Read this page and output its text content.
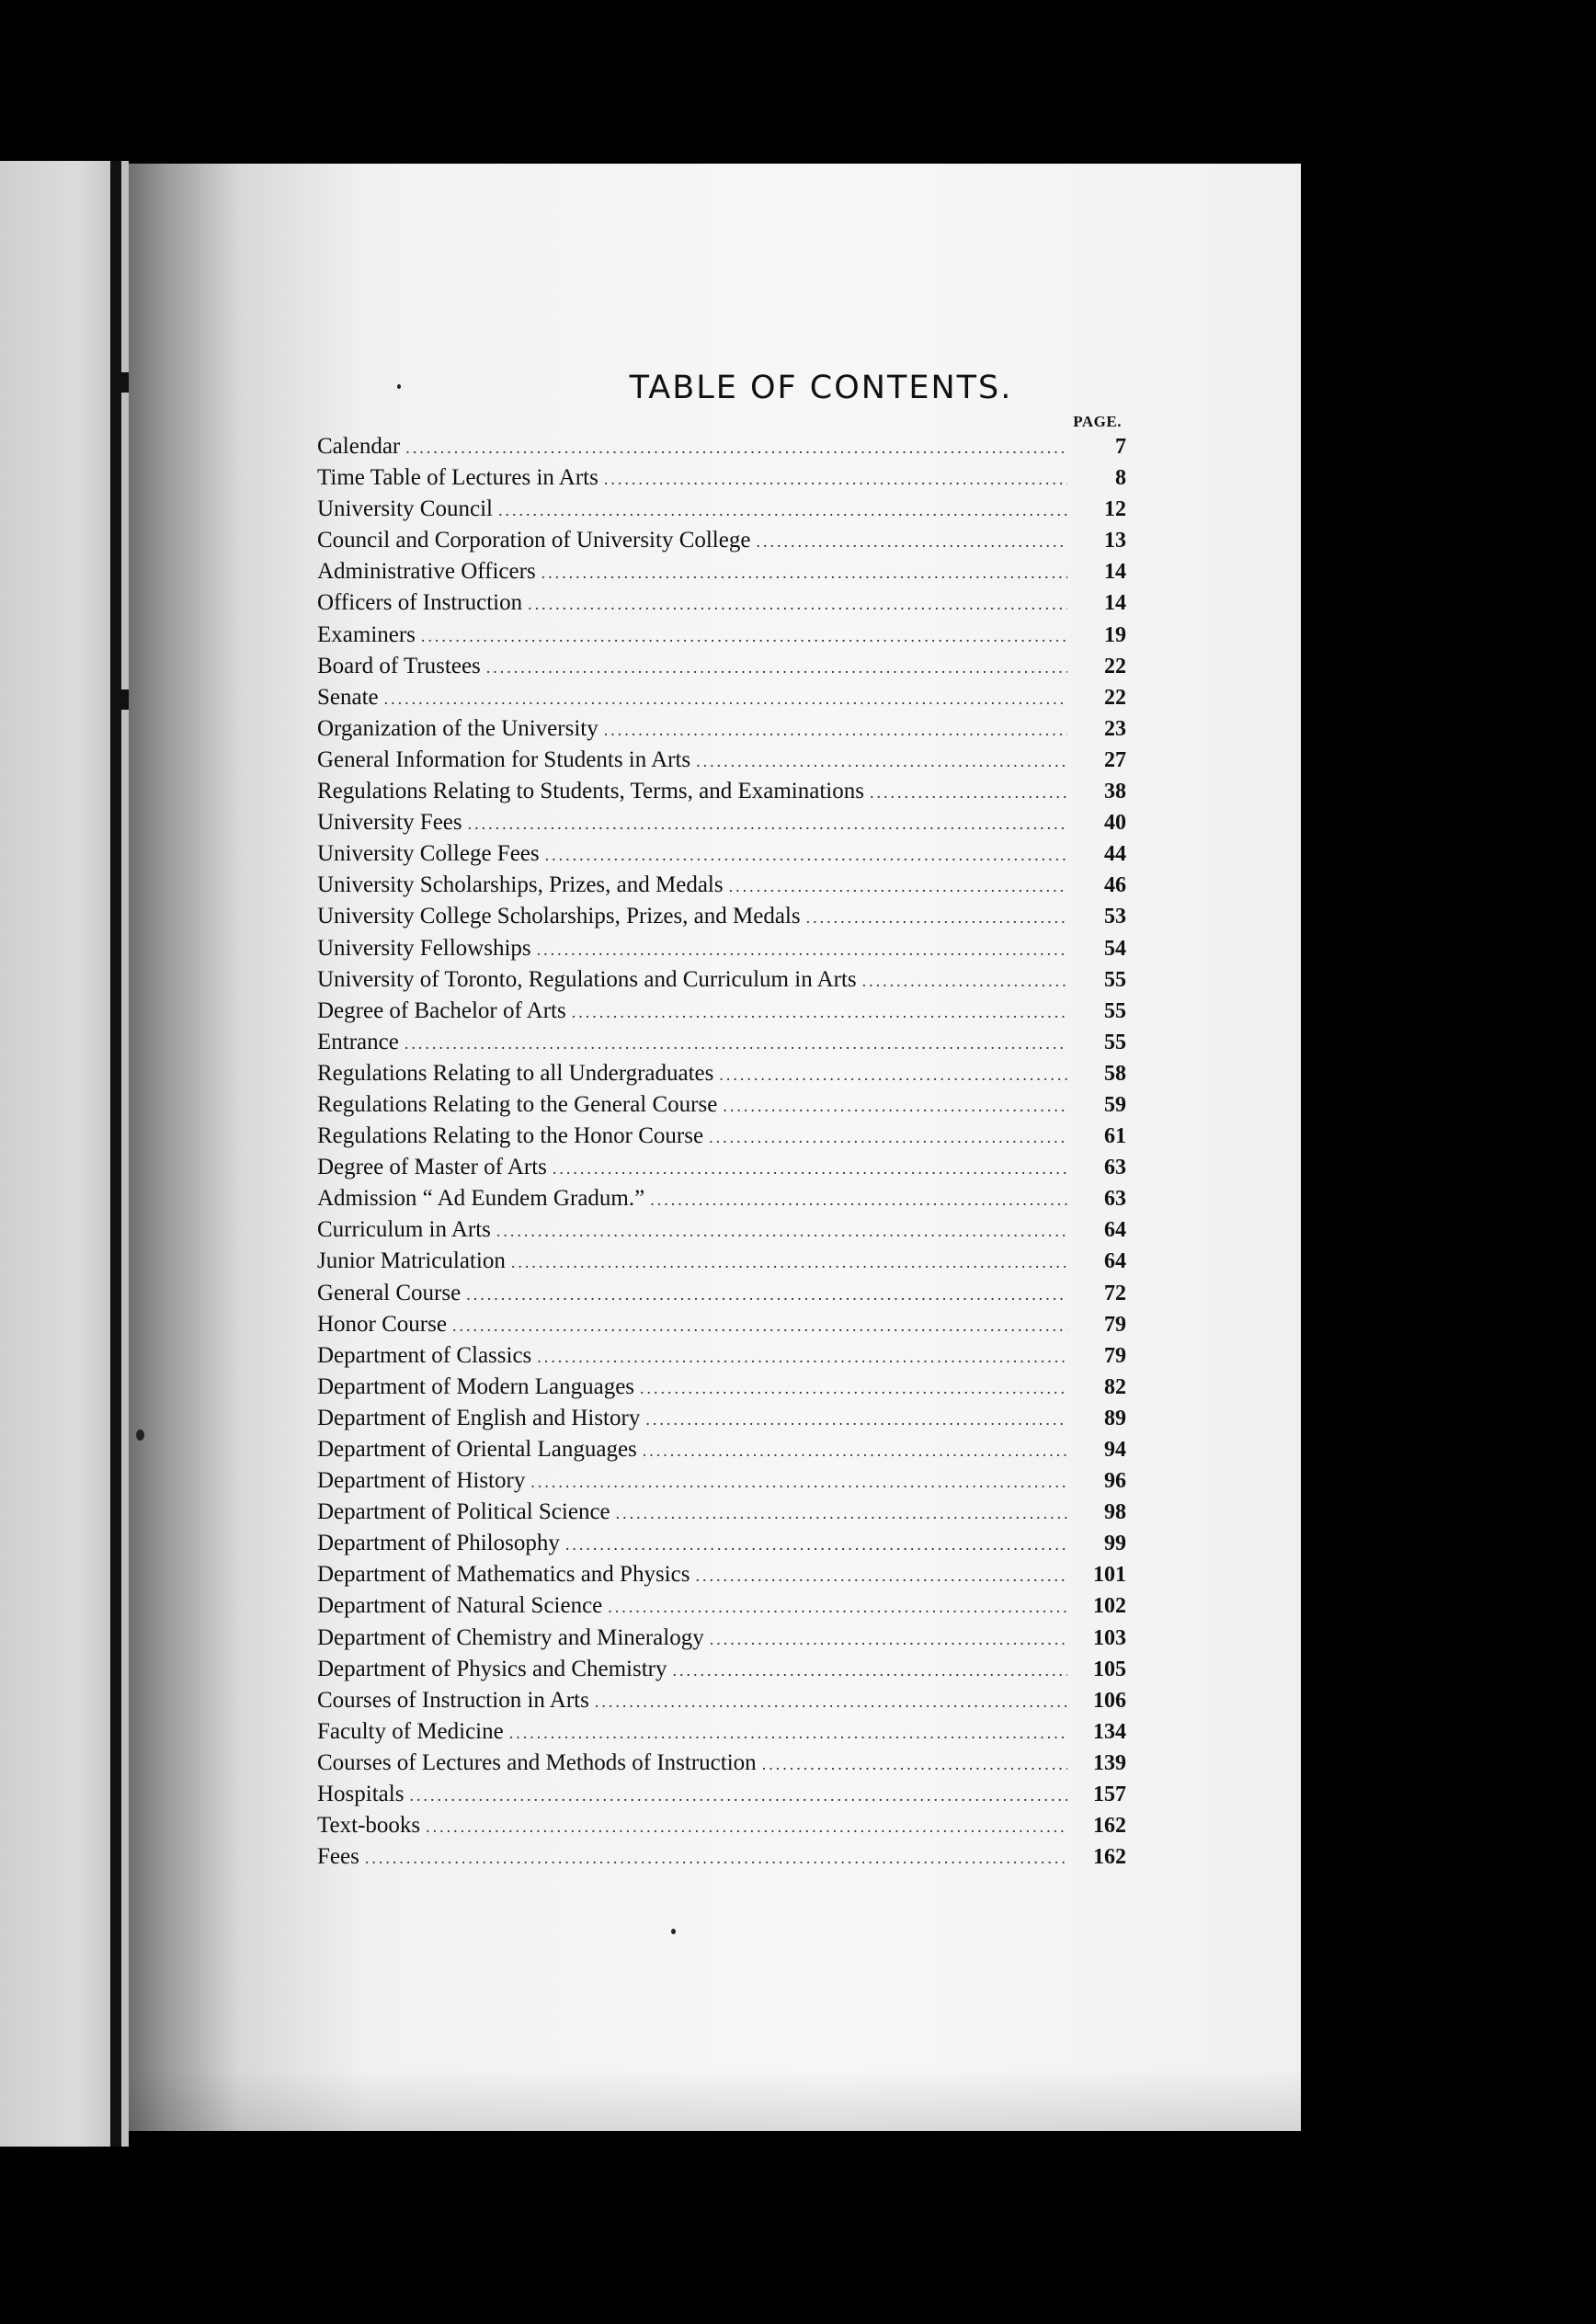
TABLE OF CONTENTS.
PAGE.
Calendar .....	7
Time Table of Lectures in Arts .....	8
University Council .....	12
Council and Corporation of University College .....	13
Administrative Officers .....	14
Officers of Instruction .....	14
Examiners .....	19
Board of Trustees .....	22
Senate .....	22
Organization of the University .....	23
General Information for Students in Arts .....	27
Regulations Relating to Students, Terms, and Examinations .....	38
University Fees .....	40
University College Fees .....	44
University Scholarships, Prizes, and Medals .....	46
University College Scholarships, Prizes, and Medals .....	53
University Fellowships .....	54
University of Toronto, Regulations and Curriculum in Arts .....	55
Degree of Bachelor of Arts .....	55
Entrance .....	55
Regulations Relating to all Undergraduates .....	58
Regulations Relating to the General Course .....	59
Regulations Relating to the Honor Course .....	61
Degree of Master of Arts .....	63
Admission “ Ad Eundem Gradum.” .....	63
Curriculum in Arts .....	64
Junior Matriculation .....	64
General Course .....	72
Honor Course .....	79
Department of Classics .....	79
Department of Modern Languages .....	82
Department of English and History .....	89
Department of Oriental Languages .....	94
Department of History .....	96
Department of Political Science .....	98
Department of Philosophy .....	99
Department of Mathematics and Physics .....	101
Department of Natural Science .....	102
Department of Chemistry and Mineralogy .....	103
Department of Physics and Chemistry .....	105
Courses of Instruction in Arts .....	106
Faculty of Medicine .....	134
Courses of Lectures and Methods of Instruction .....	139
Hospitals .....	157
Text-books .....	162
Fees .....	162
